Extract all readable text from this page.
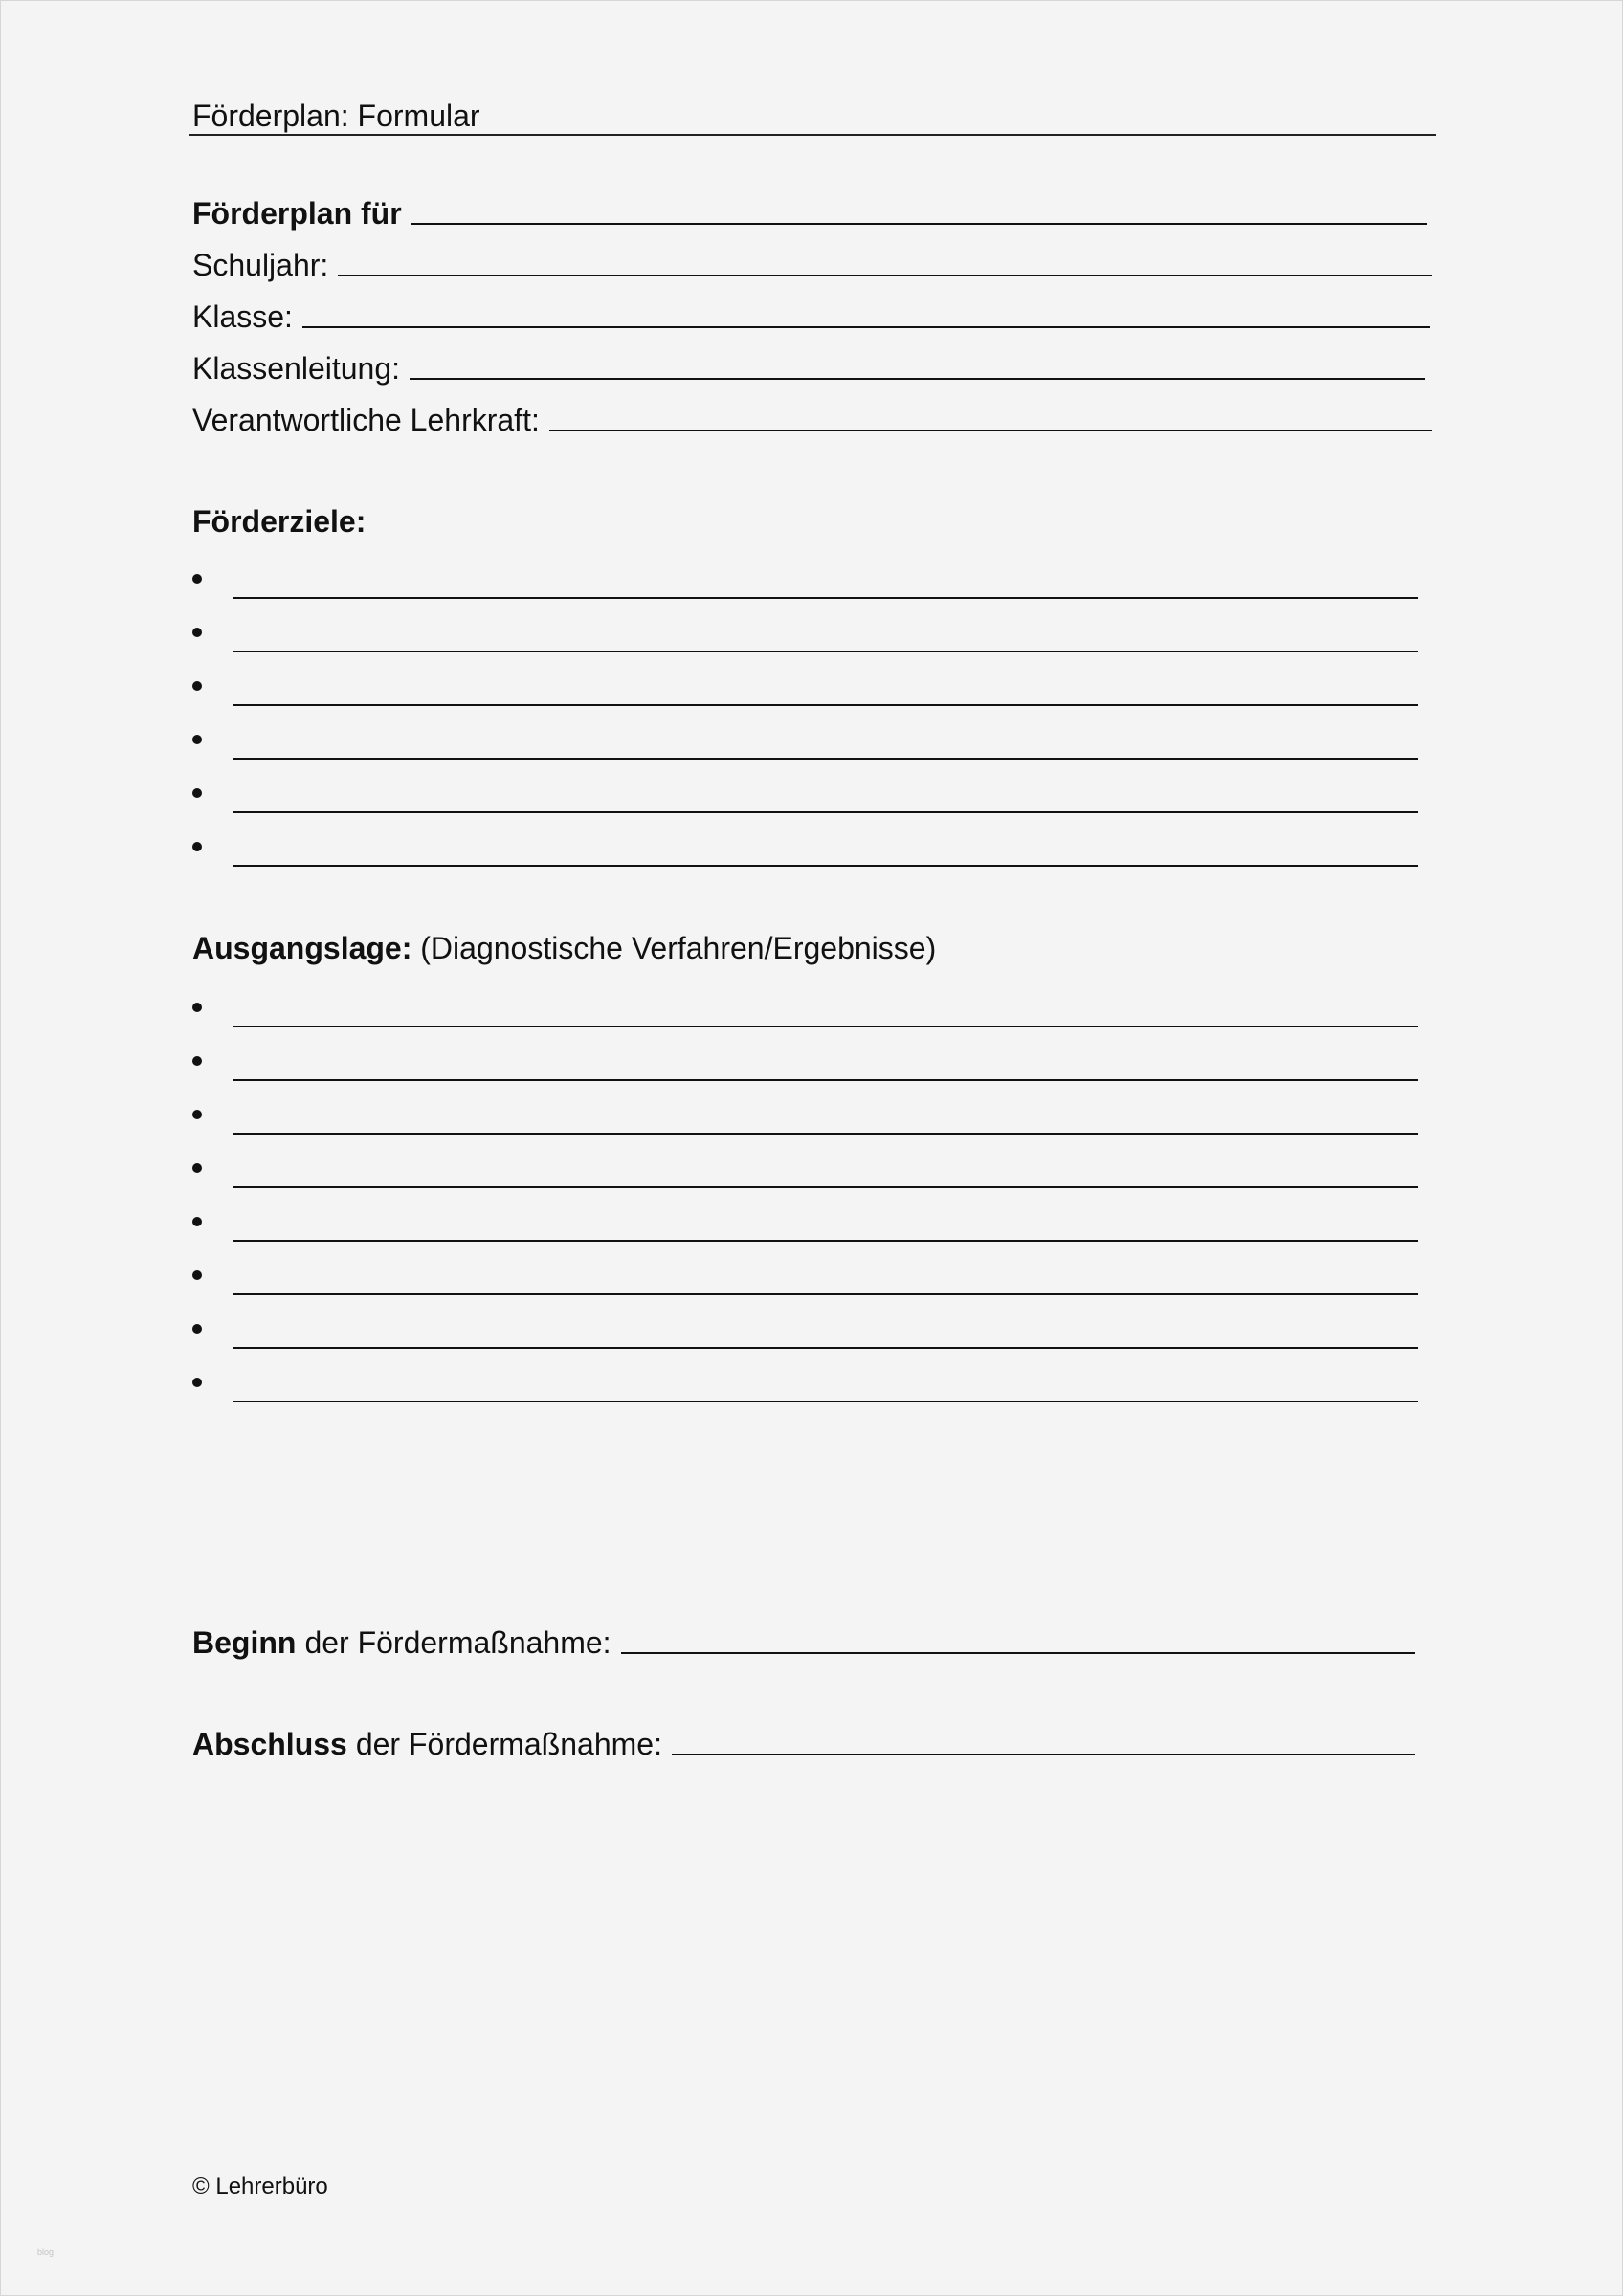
Förderplan: Formular
Förderplan für
Schuljahr:
Klasse:
Klassenleitung:
Verantwortliche Lehrkraft:
Förderziele:
Ausgangslage: (Diagnostische Verfahren/Ergebnisse)
Beginn der Fördermaßnahme:
Abschluss der Fördermaßnahme:
© Lehrerbüro
blog
